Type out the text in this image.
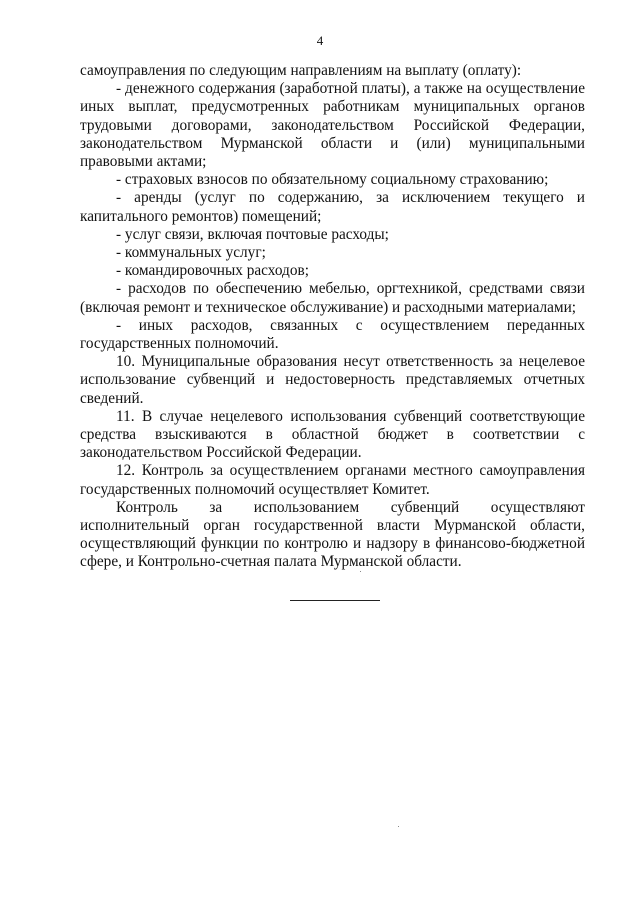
4

самоуправления по следующим направлениям на выплату (оплату):

- денежного содержания (заработной платы), а также на осуществление иных выплат, предусмотренных работникам муниципальных органов трудовыми договорами, законодательством Российской Федерации, законодательством Мурманской области и (или) муниципальными правовыми актами;

- страховых взносов по обязательному социальному страхованию;

- аренды (услуг по содержанию, за исключением текущего и капитального ремонтов) помещений;

- услуг связи, включая почтовые расходы;

- коммунальных услуг;

- командировочных расходов;

- расходов по обеспечению мебелью, оргтехникой, средствами связи (включая ремонт и техническое обслуживание) и расходными материалами;

- иных расходов, связанных с осуществлением переданных государственных полномочий.

10. Муниципальные образования несут ответственность за нецелевое использование субвенций и недостоверность представляемых отчетных сведений.

11. В случае нецелевого использования субвенций соответствующие средства взыскиваются в областной бюджет в соответствии с законодательством Российской Федерации.

12. Контроль за осуществлением органами местного самоуправления государственных полномочий осуществляет Комитет.

Контроль за использованием субвенций осуществляют исполнительный орган государственной власти Мурманской области, осуществляющий функции по контролю и надзору в финансово-бюджетной сфере, и Контрольно-счетная палата Мурманской области.
